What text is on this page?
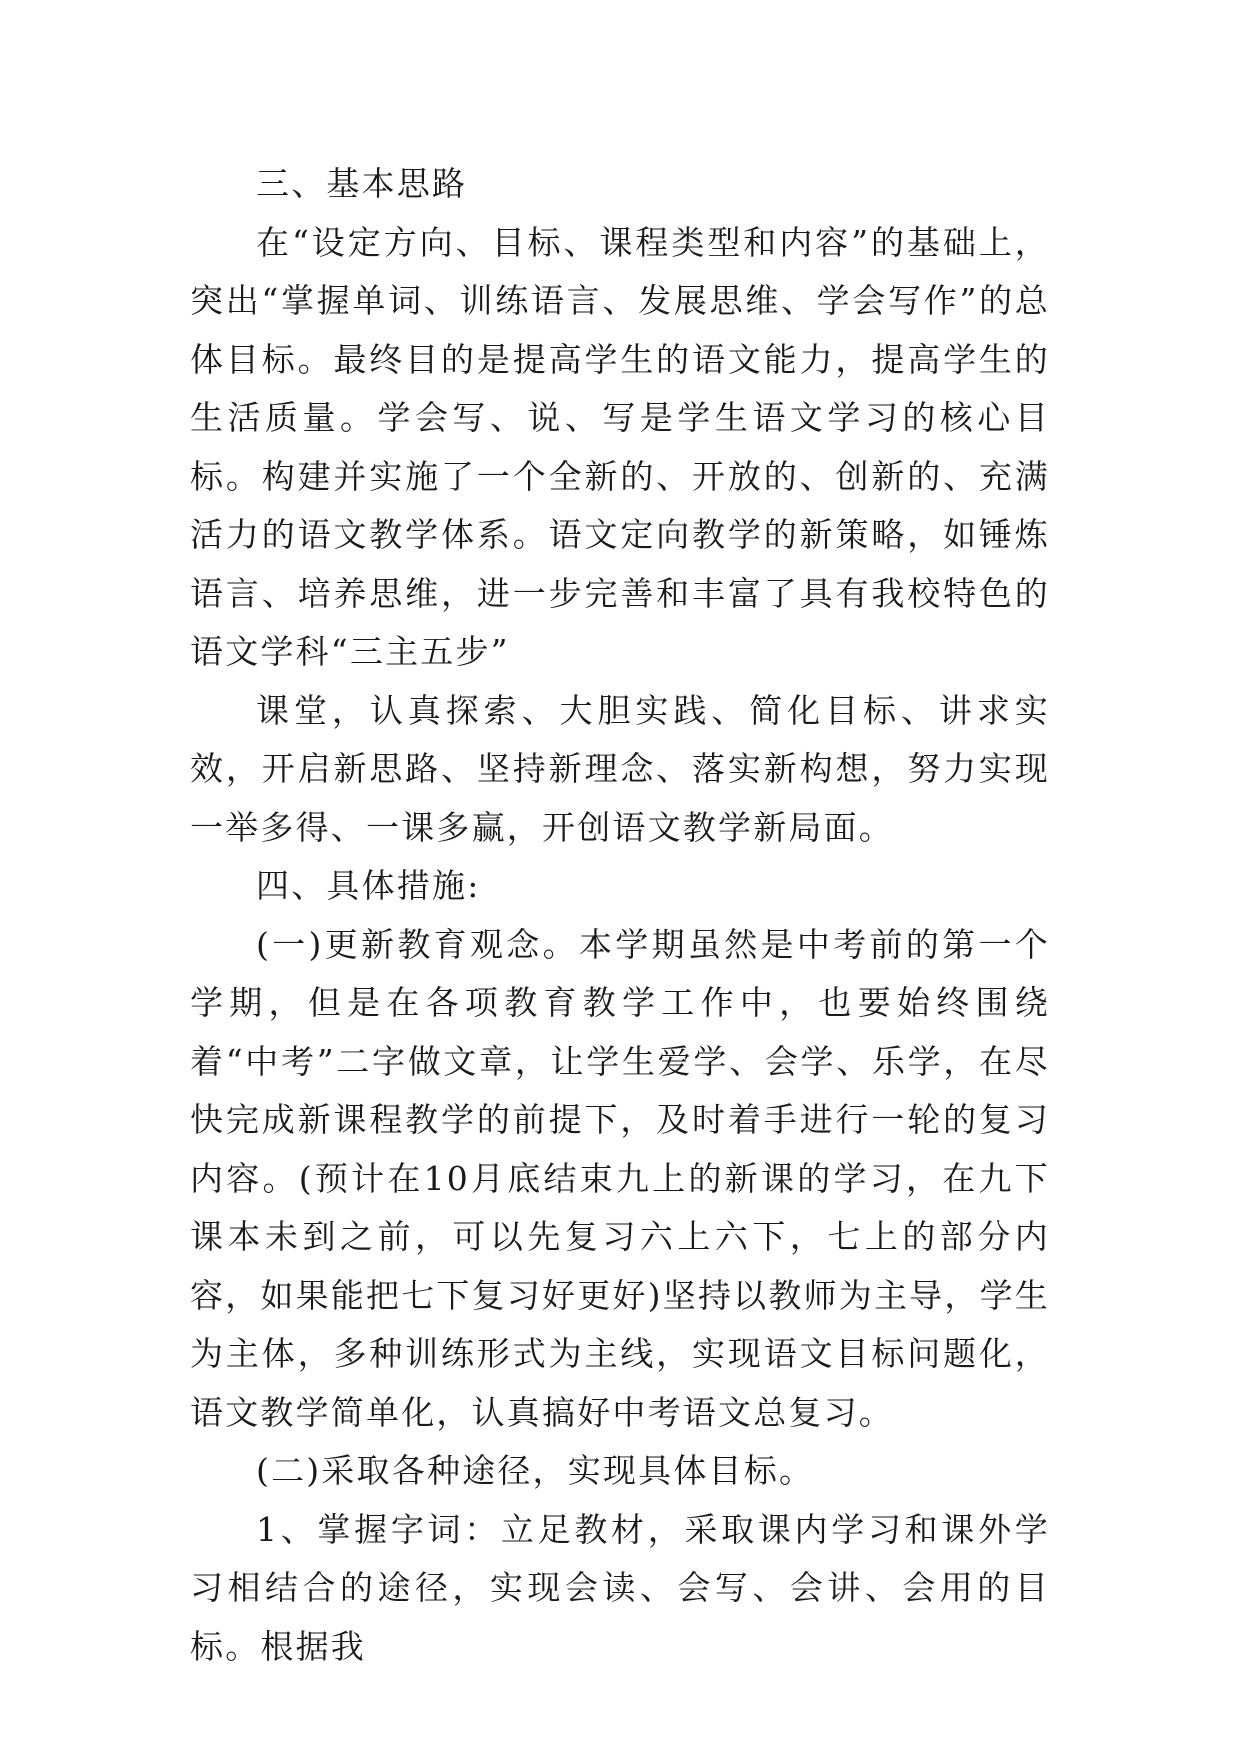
三、基本思路

在“设定方向、目标、课程类型和内容”的基础上，突出“掌握单词、训练语言、发展思维、学会写作”的总体目标。最终目的是提高学生的语文能力，提高学生的生活质量。学会写、说、写是学生语文学习的核心目标。构建并实施了一个全新的、开放的、创新的、充满活力的语文教学体系。语文定向教学的新策略，如锤炼语言、培养思维，进一步完善和丰富了具有我校特色的语文学科“三主五步”

课堂，认真探索、大胆实践、简化目标、讲求实效，开启新思路、坚持新理念、落实新构想，努力实现一举多得、一课多赢，开创语文教学新局面。

四、具体措施:

(一)更新教育观念。本学期虽然是中考前的第一个学期，但是在各项教育教学工作中，也要始终围绕着“中考”二字做文章，让学生爱学、会学、乐学，在尽快完成新课程教学的前提下，及时着手进行一轮的复习内容。(预计在10月底结束九上的新课的学习，在九下课本未到之前，可以先复习六上六下，七上的部分内容，如果能把七下复习好更好)坚持以教师为主导，学生为主体，多种训练形式为主线，实现语文目标问题化，语文教学简单化，认真搞好中考语文总复习。

(二)采取各种途径，实现具体目标。

1、掌握字词：立足教材，采取课内学习和课外学习相结合的途径，实现会读、会写、会讲、会用的目标。根据我
